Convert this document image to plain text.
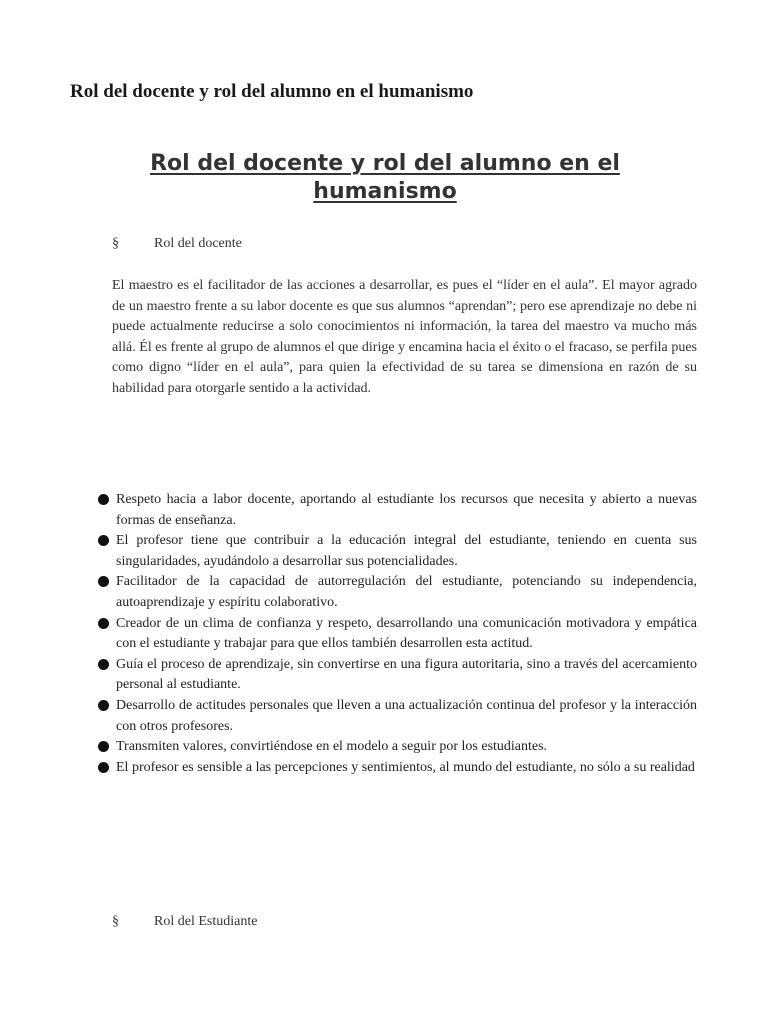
Rol del docente y rol del alumno en el humanismo
Rol del docente y rol del alumno en el humanismo
§	Rol del docente

El maestro es el facilitador de las acciones a desarrollar, es pues el “líder en el aula”. El mayor agrado de un maestro frente a su labor docente es que sus alumnos “aprendan”; pero ese aprendizaje no debe ni puede actualmente reducirse a solo conocimientos ni información, la tarea del maestro va mucho más allá. Él es frente al grupo de alumnos el que dirige y encamina hacia el éxito o el fracaso, se perfila pues como digno “líder en el aula”, para quien la efectividad de su tarea se dimensiona en razón de su habilidad para otorgarle sentido a la actividad.

Respeto hacia a labor docente, aportando al estudiante los recursos que necesita y abierto a nuevas formas de enseñanza.
El profesor tiene que contribuir a la educación integral del estudiante, teniendo en cuenta sus singularidades, ayudándolo a desarrollar sus potencialidades.
Facilitador de la capacidad de autorregulación del estudiante, potenciando su independencia, autoaprendizaje y espíritu colaborativo.
Creador de un clima de confianza y respeto, desarrollando una comunicación motivadora y empática con el estudiante y trabajar para que ellos también desarrollen esta actitud.
Guía el proceso de aprendizaje, sin convertirse en una figura autoritaria, sino a través del acercamiento personal al estudiante.
Desarrollo de actitudes personales que lleven a una actualización continua del profesor y la interacción con otros profesores.
Transmiten valores, convirtiéndose en el modelo a seguir por los estudiantes.
El profesor es sensible a las percepciones y sentimientos, al mundo del estudiante, no sólo a su realidad
§	Rol del Estudiante
